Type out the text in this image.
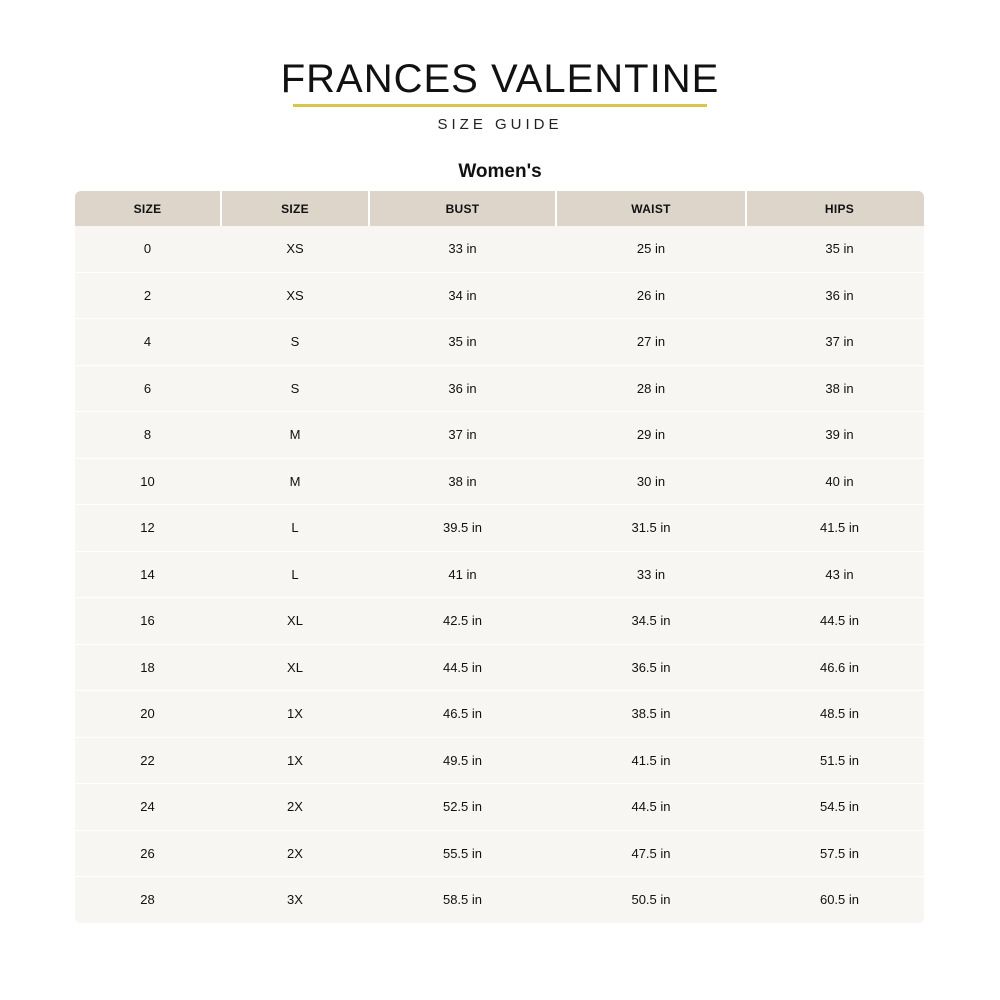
FRANCES VALENTINE
SIZE GUIDE
Women's
SIZE	SIZE	BUST	WAIST	HIPS
0	XS	33 in	25 in	35 in
2	XS	34 in	26 in	36 in
4	S	35 in	27 in	37 in
6	S	36 in	28 in	38 in
8	M	37 in	29 in	39 in
10	M	38 in	30 in	40 in
12	L	39.5 in	31.5 in	41.5 in
14	L	41 in	33 in	43 in
16	XL	42.5 in	34.5 in	44.5 in
18	XL	44.5 in	36.5 in	46.6 in
20	1X	46.5 in	38.5 in	48.5 in
22	1X	49.5 in	41.5 in	51.5 in
24	2X	52.5 in	44.5 in	54.5 in
26	2X	55.5 in	47.5 in	57.5 in
28	3X	58.5 in	50.5 in	60.5 in
